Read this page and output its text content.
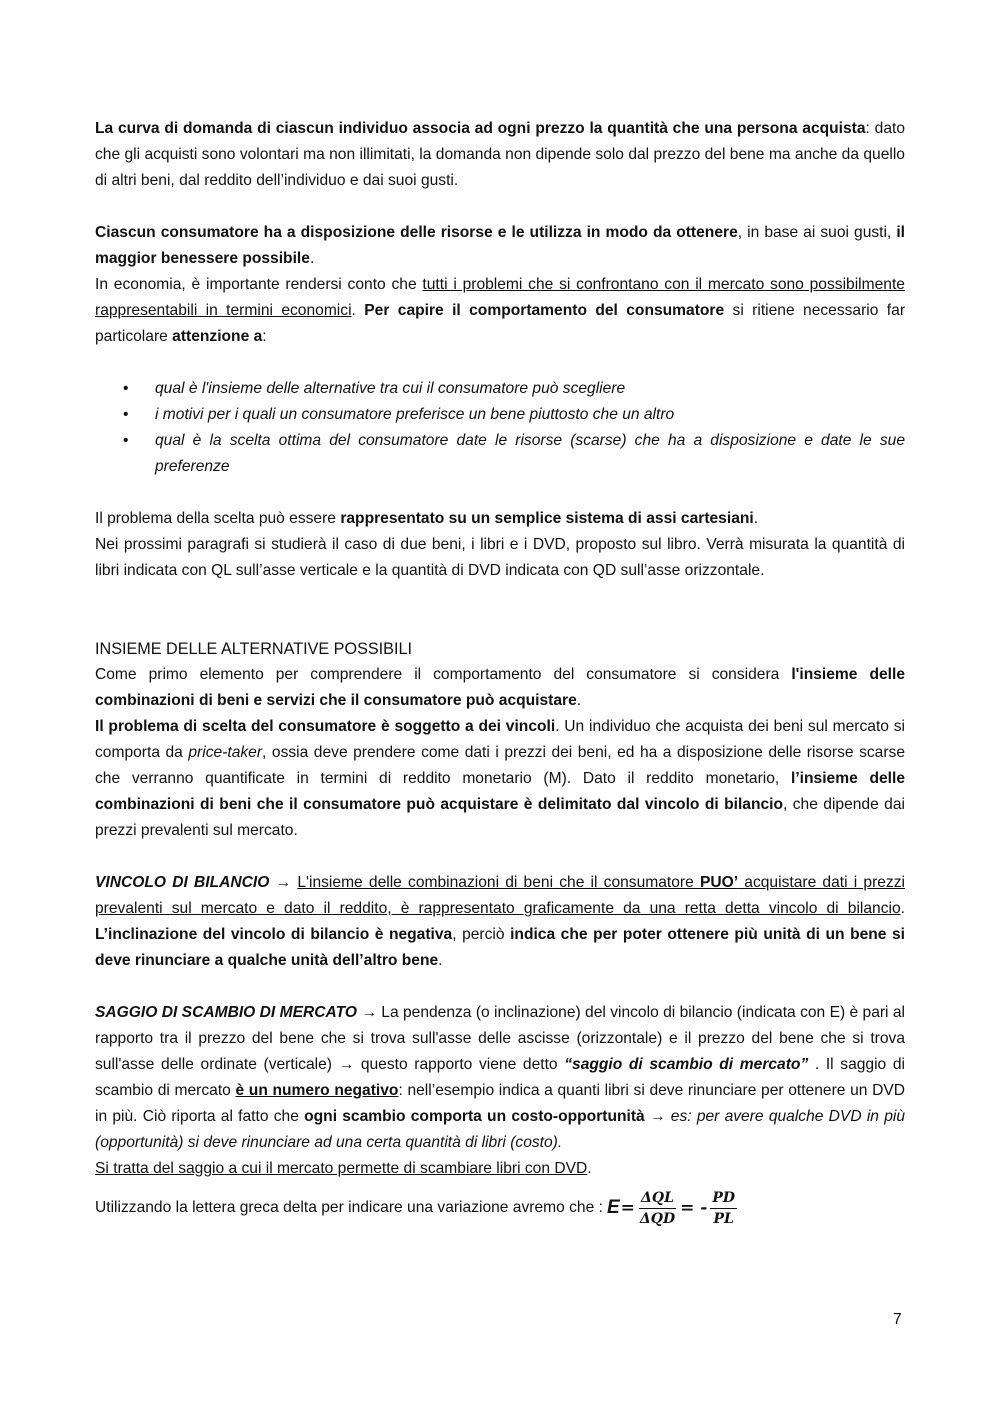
La curva di domanda di ciascun individuo associa ad ogni prezzo la quantità che una persona acquista: dato che gli acquisti sono volontari ma non illimitati, la domanda non dipende solo dal prezzo del bene ma anche da quello di altri beni, dal reddito dell’individuo e dai suoi gusti.

Ciascun consumatore ha a disposizione delle risorse e le utilizza in modo da ottenere, in base ai suoi gusti, il maggior benessere possibile.

In economia, è importante rendersi conto che tutti i problemi che si confrontano con il mercato sono possibilmente rappresentabili in termini economici. Per capire il comportamento del consumatore si ritiene necessario far particolare attenzione a:

• qual è l'insieme delle alternative tra cui il consumatore può scegliere
• i motivi per i quali un consumatore preferisce un bene piuttosto che un altro
• qual è la scelta ottima del consumatore date le risorse (scarse) che ha a disposizione e date le sue preferenze

Il problema della scelta può essere rappresentato su un semplice sistema di assi cartesiani.

Nei prossimi paragrafi si studierà il caso di due beni, i libri e i DVD, proposto sul libro. Verrà misurata la quantità di libri indicata con QL sull’asse verticale e la quantità di DVD indicata con QD sull’asse orizzontale.

INSIEME DELLE ALTERNATIVE POSSIBILI

Come primo elemento per comprendere il comportamento del consumatore si considera l'insieme delle combinazioni di beni e servizi che il consumatore può acquistare.

Il problema di scelta del consumatore è soggetto a dei vincoli. Un individuo che acquista dei beni sul mercato si comporta da price-taker, ossia deve prendere come dati i prezzi dei beni, ed ha a disposizione delle risorse scarse che verranno quantificate in termini di reddito monetario (M). Dato il reddito monetario, l’insieme delle combinazioni di beni che il consumatore può acquistare è delimitato dal vincolo di bilancio, che dipende dai prezzi prevalenti sul mercato.

VINCOLO DI BILANCIO → L'insieme delle combinazioni di beni che il consumatore PUO’ acquistare dati i prezzi prevalenti sul mercato e dato il reddito, è rappresentato graficamente da una retta detta vincolo di bilancio. L’inclinazione del vincolo di bilancio è negativa, perciò indica che per poter ottenere più unità di un bene si deve rinunciare a qualche unità dell’altro bene.

SAGGIO DI SCAMBIO DI MERCATO → La pendenza (o inclinazione) del vincolo di bilancio (indicata con E) è pari al rapporto tra il prezzo del bene che si trova sull'asse delle ascisse (orizzontale) e il prezzo del bene che si trova sull'asse delle ordinate (verticale) → questo rapporto viene detto “saggio di scambio di mercato” . Il saggio di scambio di mercato è un numero negativo: nell’esempio indica a quanti libri si deve rinunciare per ottenere un DVD in più. Ciò riporta al fatto che ogni scambio comporta un costo-opportunità → es: per avere qualche DVD in più (opportunità) si deve rinunciare ad una certa quantità di libri (costo).

Si tratta del saggio a cui il mercato permette di scambiare libri con DVD.

Utilizzando la lettera greca delta per indicare una variazione avremo che : $E = \frac{\text{ΔQL}}{\text{ΔQD}}$ = - $\frac{PD}{PL}$
7
